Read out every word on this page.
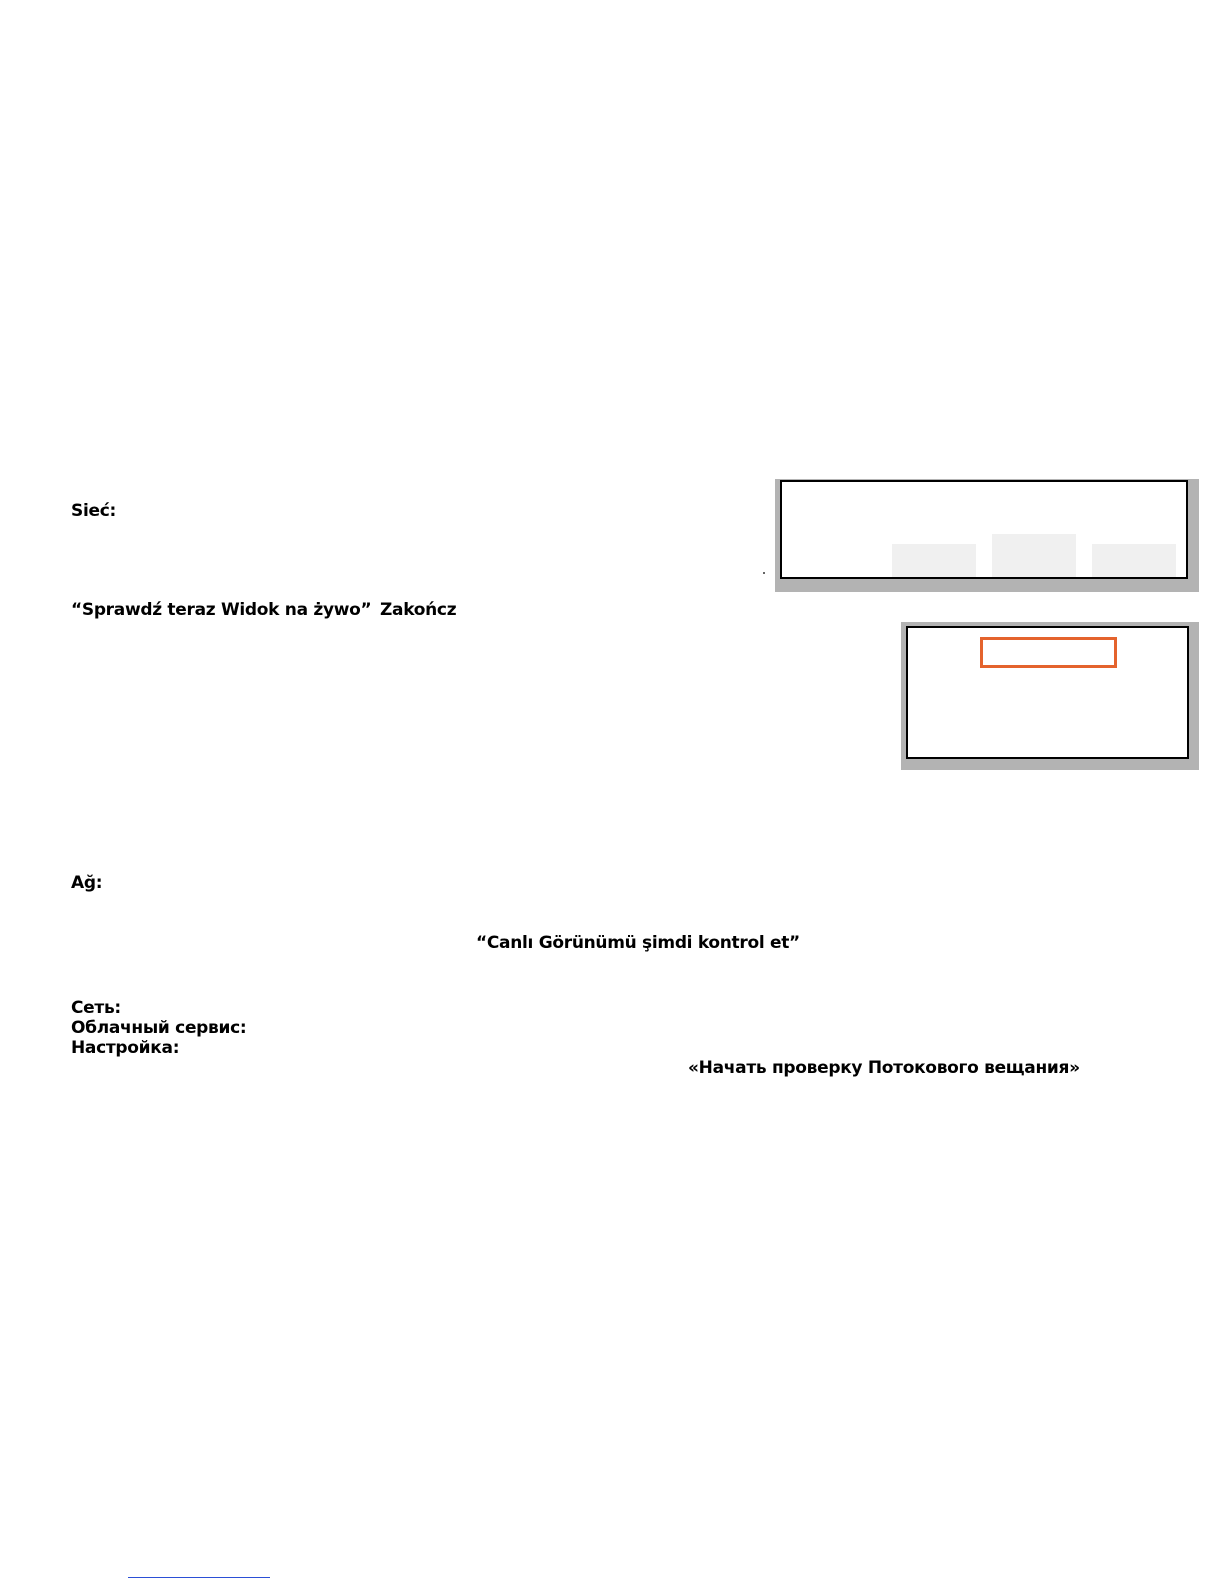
Sieć:
“Sprawdź teraz Widok na żywo” Zakończ
Ağ:
“Canlı Görünümü şimdi kontrol et”
Сеть:
Облачный сервис:
Настройка:
«Начать проверку Потокового вещания»
